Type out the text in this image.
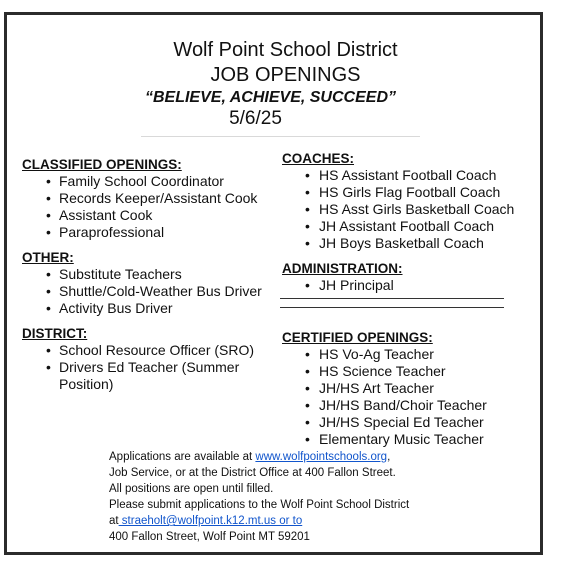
Wolf Point School District
JOB OPENINGS
“BELIEVE, ACHIEVE, SUCCEED”
5/6/25
CLASSIFIED OPENINGS:
• Family School Coordinator
• Records Keeper/Assistant Cook
• Assistant Cook
• Paraprofessional
OTHER:
• Substitute Teachers
• Shuttle/Cold-Weather Bus Driver
• Activity Bus Driver
DISTRICT:
• School Resource Officer (SRO)
• Drivers Ed Teacher (Summer Position)
COACHES:
• HS Assistant Football Coach
• HS Girls Flag Football Coach
• HS Asst Girls Basketball Coach
• JH Assistant Football Coach
• JH Boys Basketball Coach
ADMINISTRATION:
• JH Principal
CERTIFIED OPENINGS:
• HS Vo-Ag Teacher
• HS Science Teacher
• JH/HS Art Teacher
• JH/HS Band/Choir Teacher
• JH/HS Special Ed Teacher
• Elementary Music Teacher
Applications are available at www.wolfpointschools.org,
Job Service, or at the District Office at 400 Fallon Street.
All positions are open until filled.
Please submit applications to the Wolf Point School District
at straeholt@wolfpoint.k12.mt.us or to
400 Fallon Street, Wolf Point MT 59201
